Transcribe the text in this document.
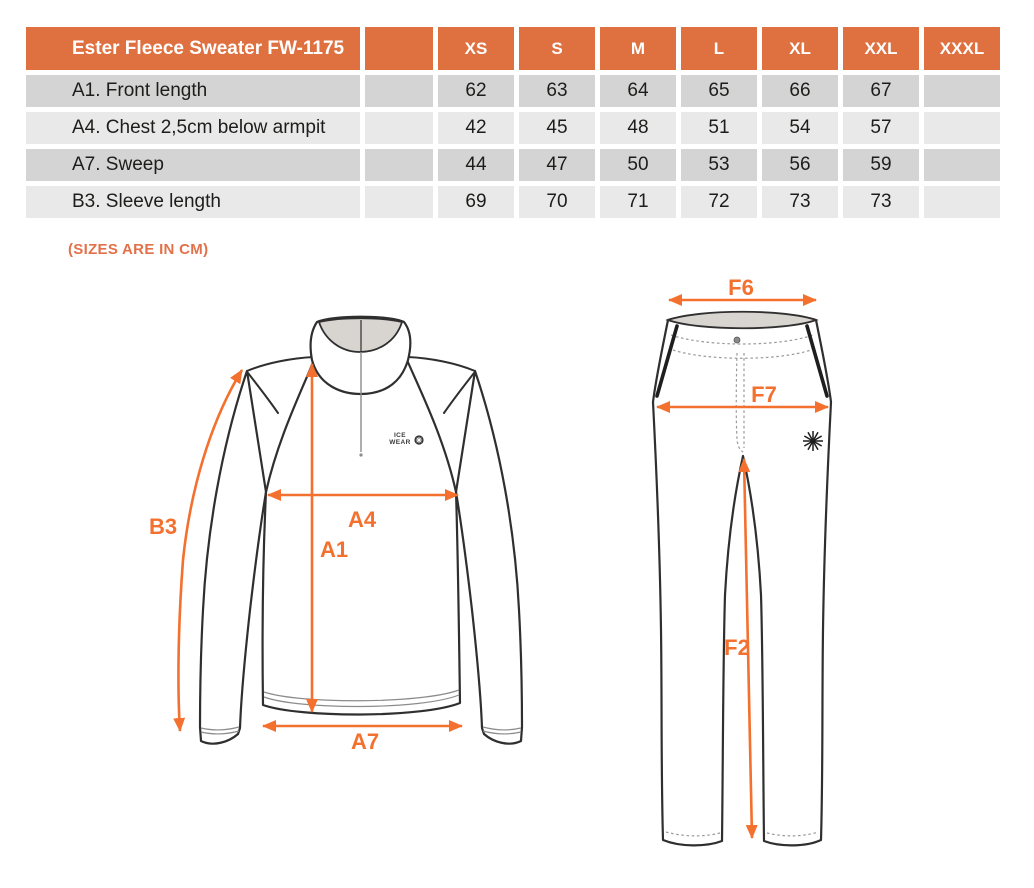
Ester Fleece Sweater FW-1175		XS	S	M	L	XL	XXL	XXXL
A1. Front length		62	63	64	65	66	67	
A4. Chest 2,5cm below armpit		42	45	48	51	54	57	
A7. Sweep		44	47	50	53	56	59	
B3. Sleeve length		69	70	71	72	73	73	
(SIZES ARE IN CM)
ICE
WEAR
B3
A1
A4
A7
F6
F7
F2
